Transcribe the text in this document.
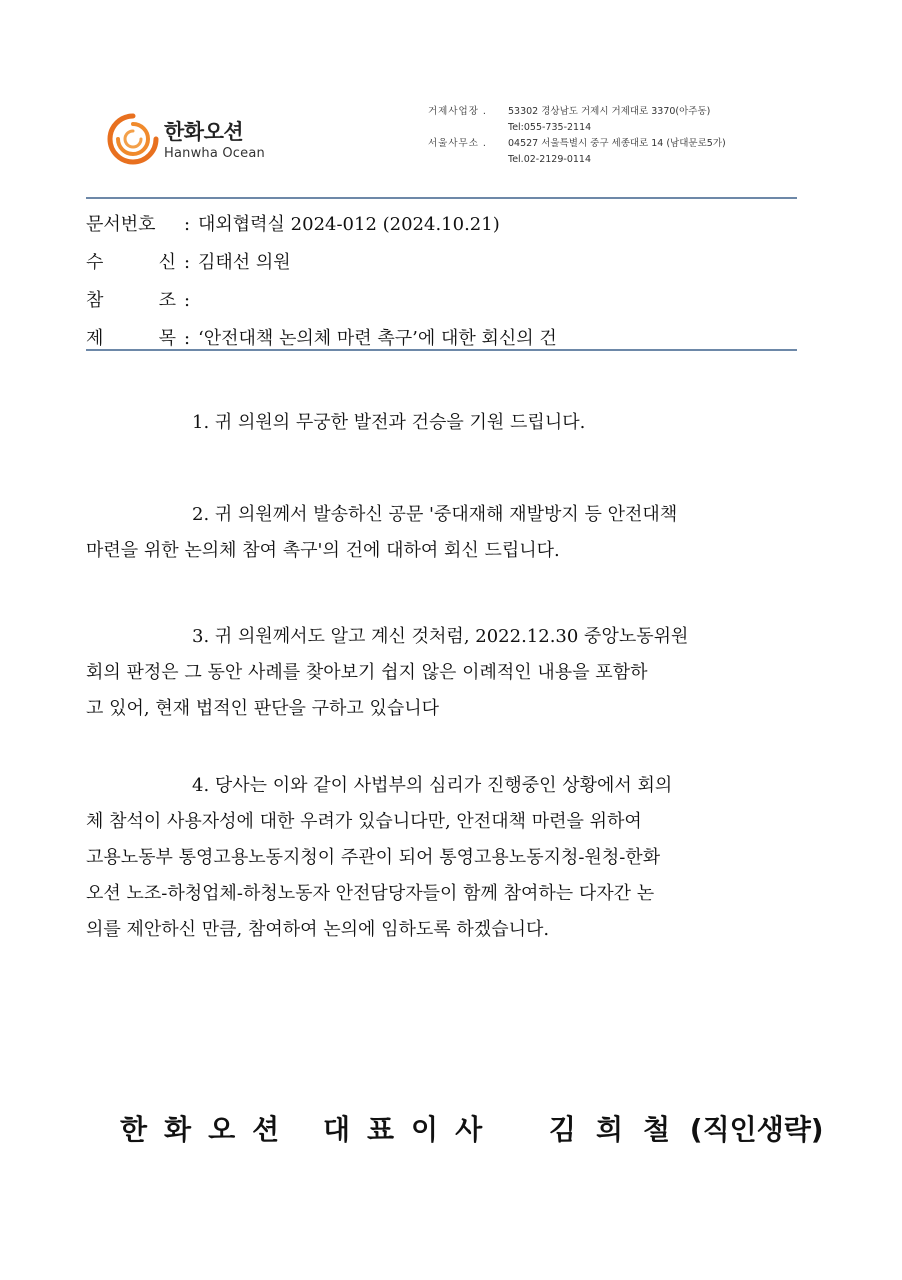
한화오션
Hanwha Ocean
거제사업장 .	53302 경상남도 거제시 거제대로 3370(아주동)
Tel:055-735-2114
서울사무소 .	04527 서울특별시 중구 세종대로 14 (남대문로5가)
Tel.02-2129-0114
문서번호	: 대외협력실 2024-012 (2024.10.21)
수	신 : 김태선 의원
참	조 :
제	목 : ‘안전대책 논의체 마련 촉구’에 대한 회신의 건

1. 귀 의원의 무궁한 발전과 건승을 기원 드립니다.

2. 귀 의원께서 발송하신 공문 '중대재해 재발방지 등 안전대책
마련을 위한 논의체 참여 촉구'의 건에 대하여 회신 드립니다.

3. 귀 의원께서도 알고 계신 것처럼, 2022.12.30 중앙노동위원
회의 판정은 그 동안 사례를 찾아보기 쉽지 않은 이례적인 내용을 포함하
고 있어, 현재 법적인 판단을 구하고 있습니다

4. 당사는 이와 같이 사법부의 심리가 진행중인 상황에서 회의
체 참석이 사용자성에 대한 우려가 있습니다만, 안전대책 마련을 위하여
고용노동부 통영고용노동지청이 주관이 되어 통영고용노동지청-원청-한화
오션 노조-하청업체-하청노동자 안전담당자들이 함께 참여하는 다자간 논
의를 제안하신 만큼, 참여하여 논의에 임하도록 하겠습니다.

한화오션 대표이사 김희철 (직인생략)
